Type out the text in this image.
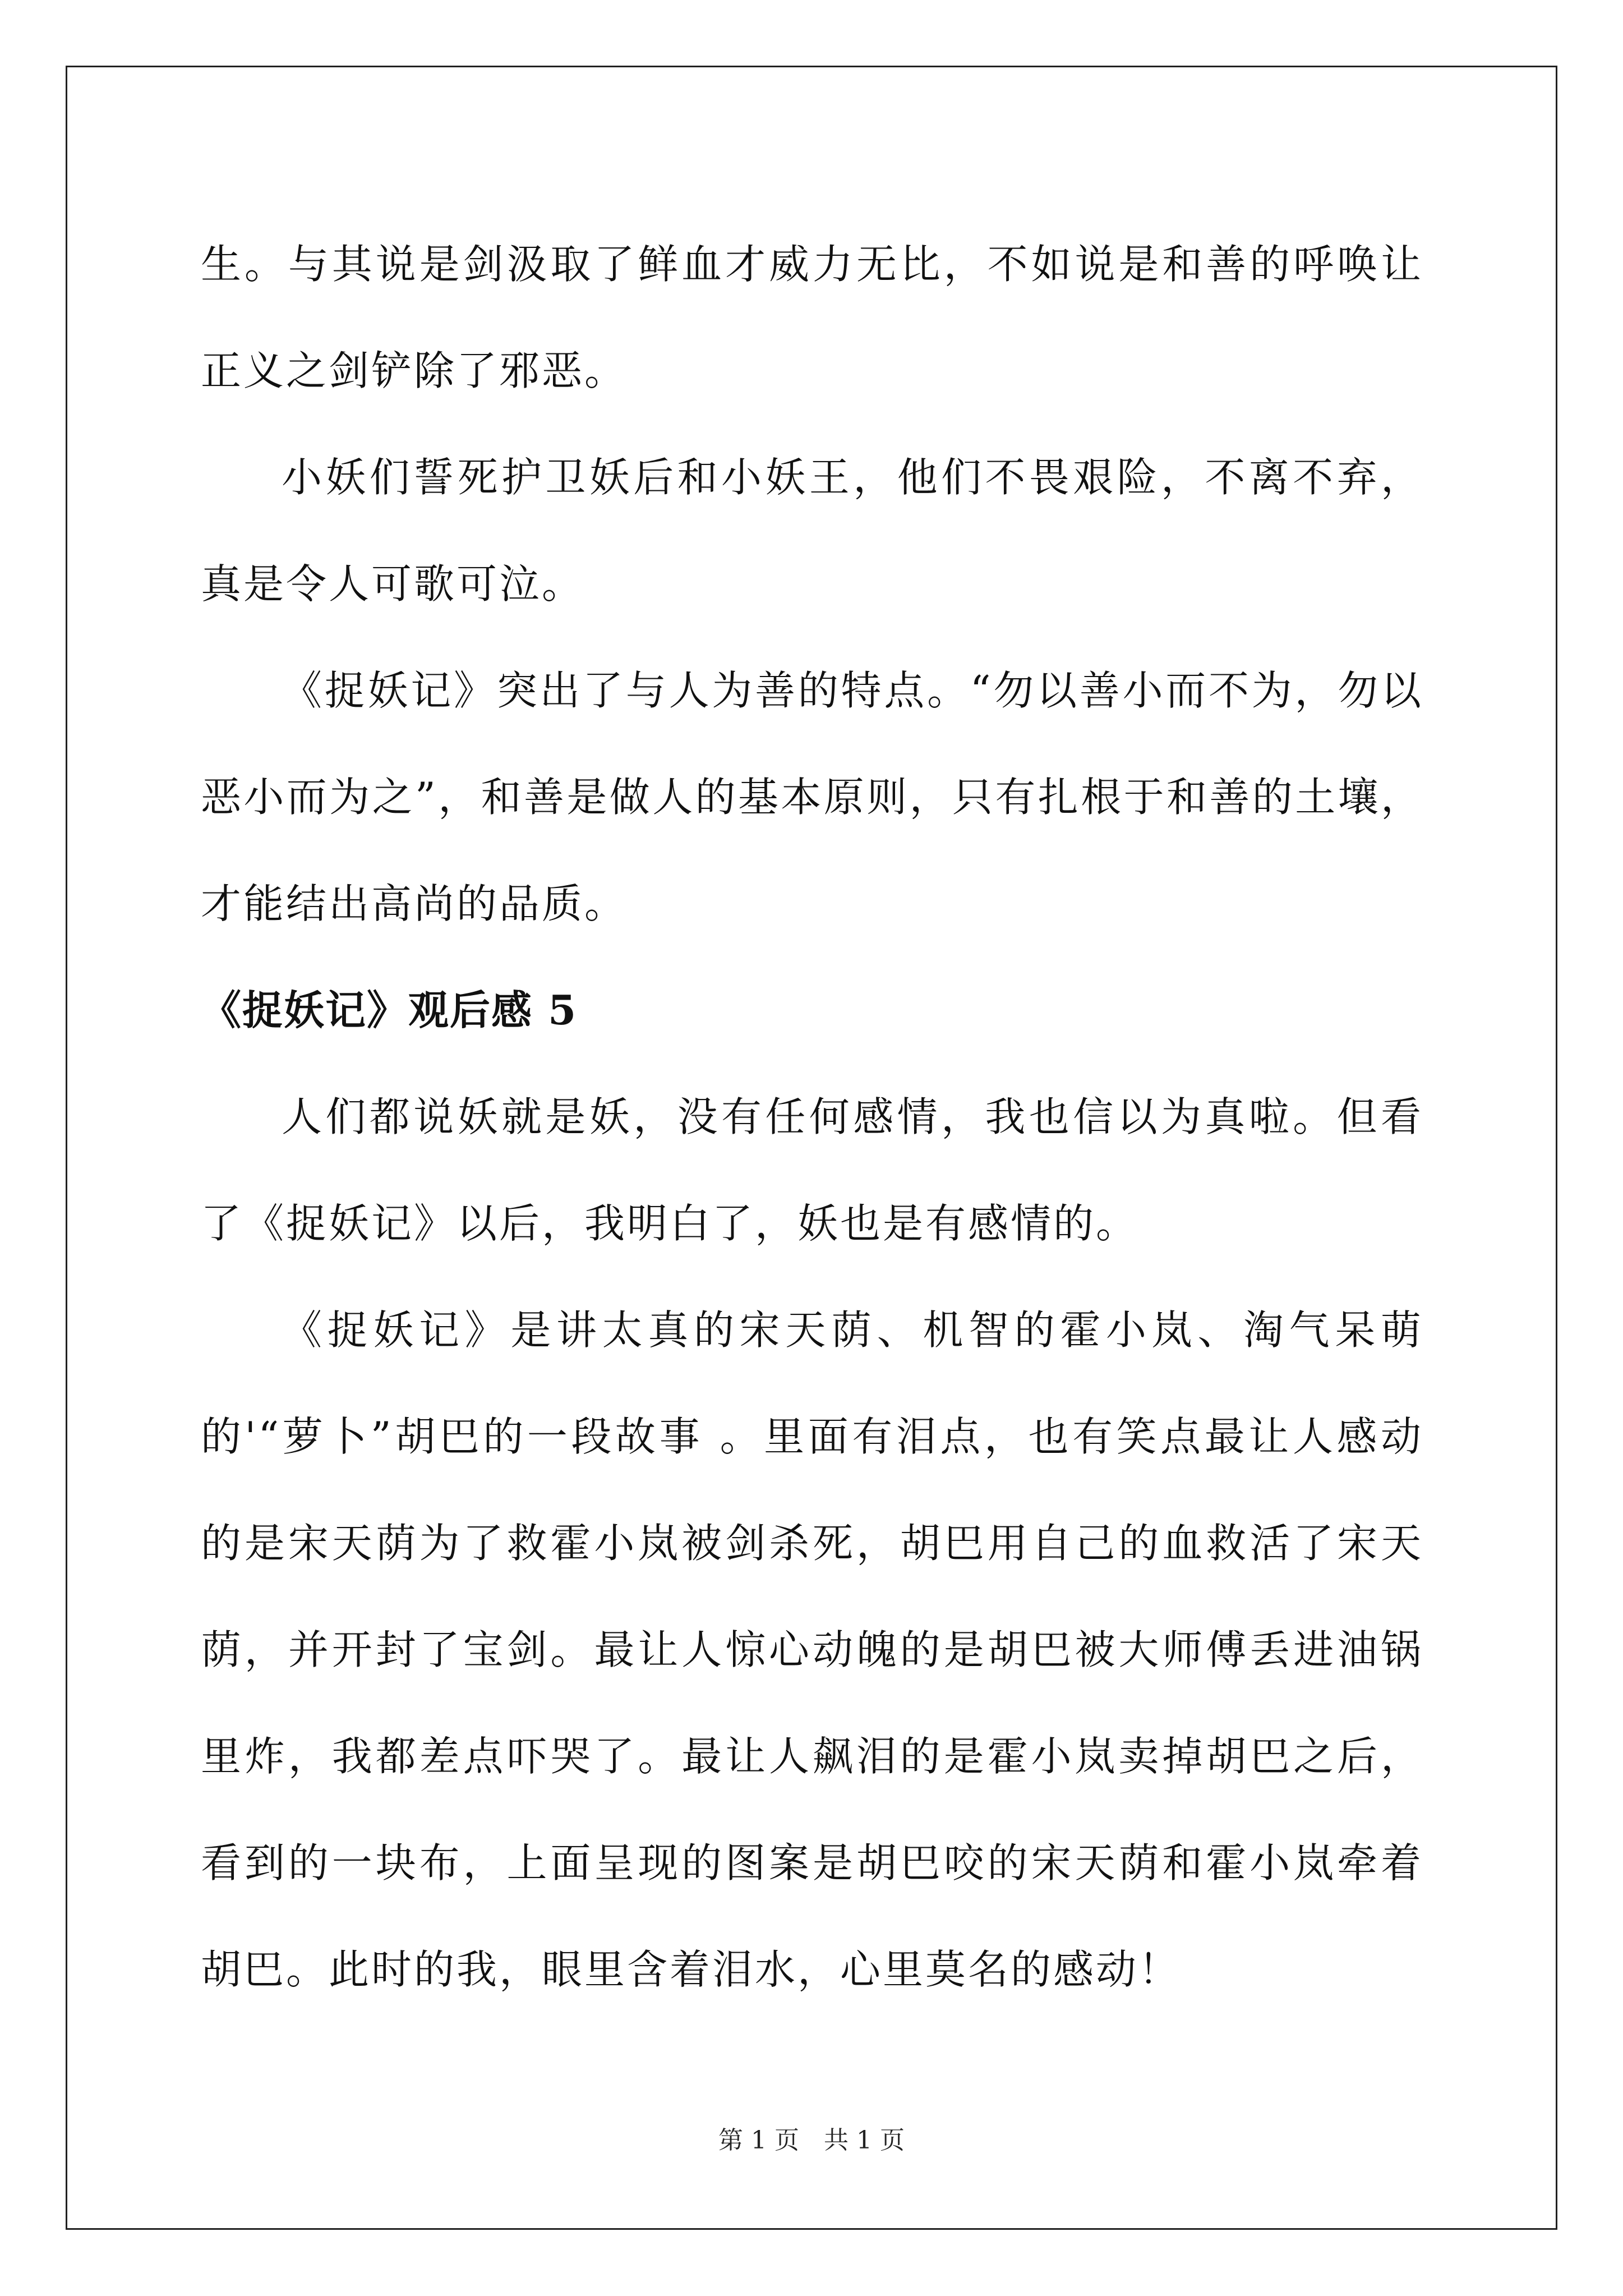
生。与其说是剑汲取了鲜血才威力无比，不如说是和善的呼唤让正义之剑铲除了邪恶。

小妖们誓死护卫妖后和小妖王，他们不畏艰险，不离不弃，真是令人可歌可泣。

《捉妖记》突出了与人为善的特点。“勿以善小而不为，勿以恶小而为之”，和善是做人的基本原则，只有扎根于和善的土壤，才能结出高尚的品质。

《捉妖记》观后感 5

人们都说妖就是妖，没有任何感情，我也信以为真啦。但看了《捉妖记》以后，我明白了，妖也是有感情的。

《捉妖记》是讲太真的宋天荫、机智的霍小岚、淘气呆萌的'“萝卜”胡巴的一段故事 。里面有泪点，也有笑点最让人感动的是宋天荫为了救霍小岚被剑杀死，胡巴用自己的血救活了宋天荫，并开封了宝剑。最让人惊心动魄的是胡巴被大师傅丢进油锅里炸，我都差点吓哭了。最让人飙泪的是霍小岚卖掉胡巴之后，看到的一块布，上面呈现的图案是胡巴咬的宋天荫和霍小岚牵着胡巴。此时的我，眼里含着泪水，心里莫名的感动！

第 1 页　共 1 页
